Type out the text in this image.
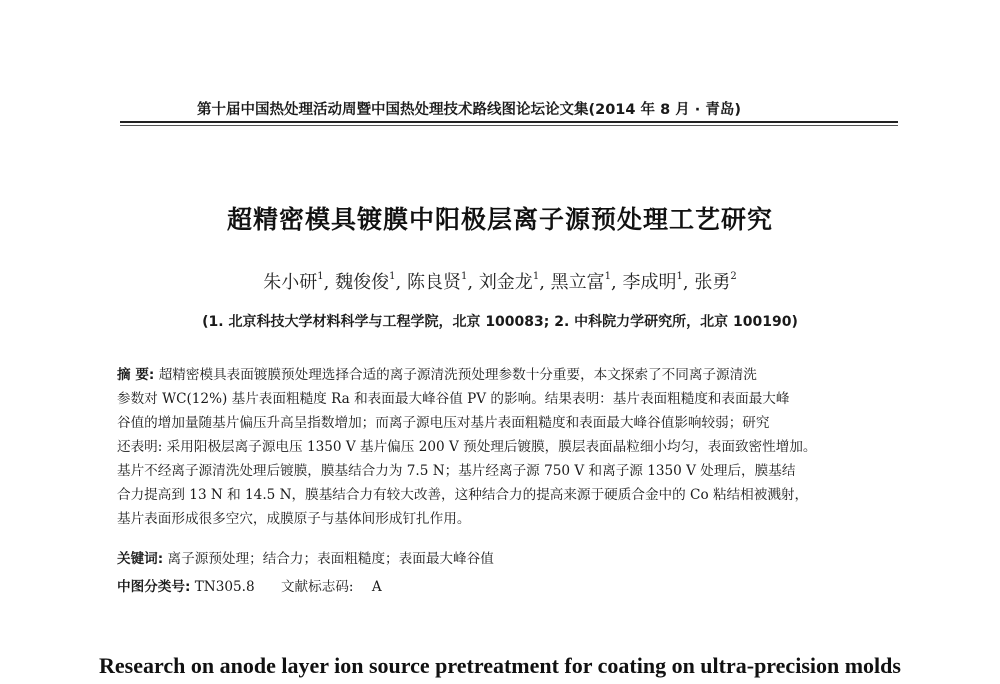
第十届中国热处理活动周暨中国热处理技术路线图论坛论文集(2014 年 8 月 · 青岛)
超精密模具镀膜中阳极层离子源预处理工艺研究
朱小研$^1$, 魏俊俊$^1$, 陈良贤$^1$, 刘金龙$^1$, 黑立富$^1$, 李成明$^1$, 张勇$^2$
(1. 北京科技大学材料科学与工程学院，北京 100083; 2. 中科院力学研究所，北京 100190)
摘 要: 超精密模具表面镀膜预处理选择合适的离子源清洗预处理参数十分重要，本文探索了不同离子源清洗
参数对 WC(12%) 基片表面粗糙度 Ra 和表面最大峰谷值 PV 的影响。结果表明：基片表面粗糙度和表面最大峰
谷值的增加量随基片偏压升高呈指数增加；而离子源电压对基片表面粗糙度和表面最大峰谷值影响较弱；研究
还表明: 采用阳极层离子源电压 1350 V 基片偏压 200 V 预处理后镀膜，膜层表面晶粒细小均匀，表面致密性增加。
基片不经离子源清洗处理后镀膜，膜基结合力为 7.5 N；基片经离子源 750 V 和离子源 1350 V 处理后，膜基结
合力提高到 13 N 和 14.5 N，膜基结合力有较大改善，这种结合力的提高来源于硬质合金中的 Co 粘结相被溅射，
基片表面形成很多空穴，成膜原子与基体间形成钉扎作用。
关键词: 离子源预处理；结合力；表面粗糙度；表面最大峰谷值
中图分类号: TN305.8 文献标志码: A
Research on anode layer ion source pretreatment for coating on ultra-precision molds
